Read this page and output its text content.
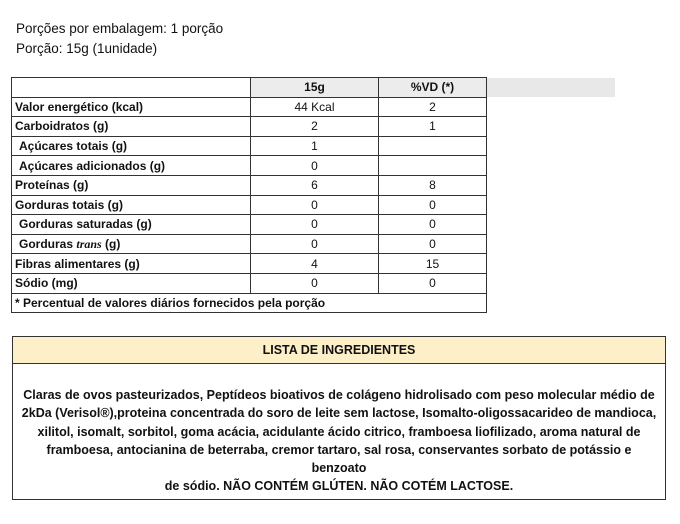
Porções por embalagem: 1 porção
Porção: 15g (1unidade)
	15g	%VD (*)	
Valor energético (kcal)	44 Kcal	2	
Carboidratos (g)	2	1	
Açúcares totais (g)	1		
Açúcares adicionados (g)	0		
Proteínas (g)	6	8	
Gorduras totais (g)	0	0	
Gorduras saturadas (g)	0	0	
Gorduras trans (g)	0	0	
Fibras alimentares (g)	4	15	
Sódio (mg)	0	0	
* Percentual de valores diários fornecidos pela porção			
LISTA DE INGREDIENTES
Claras de ovos pasteurizados, Peptídeos bioativos de colágeno hidrolisado com peso molecular médio de
2kDa (Verisol®),proteina concentrada do soro de leite sem lactose, Isomalto-oligossacarideo de mandioca,
xilitol, isomalt, sorbitol, goma acácia, acidulante ácido citrico, framboesa liofilizado, aroma natural de
framboesa, antocianina de beterraba, cremor tartaro, sal rosa, conservantes sorbato de potássio e benzoato
de sódio. NÃO CONTÉM GLÚTEN. NÃO COTÉM LACTOSE.
